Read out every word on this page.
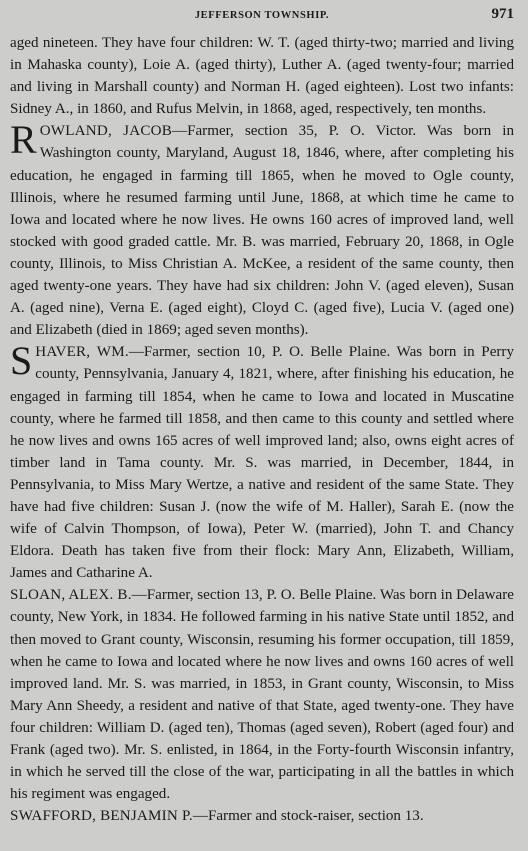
JEFFERSON TOWNSHIP.	971

aged nineteen. They have four children: W. T. (aged thirty-two; married and living in Mahaska county), Loie A. (aged thirty), Luther A. (aged twenty-four; married and living in Marshall county) and Norman H. (aged eighteen). Lost two infants: Sidney A., in 1860, and Rufus Melvin, in 1868, aged, respectively, ten months.

ROWLAND, JACOB—Farmer, section 35, P. O. Victor. Was born in Washington county, Maryland, August 18, 1846, where, after completing his education, he engaged in farming till 1865, when he moved to Ogle county, Illinois, where he resumed farming until June, 1868, at which time he came to Iowa and located where he now lives. He owns 160 acres of improved land, well stocked with good graded cattle. Mr. B. was married, February 20, 1868, in Ogle county, Illinois, to Miss Christian A. McKee, a resident of the same county, then aged twenty-one years. They have had six children: John V. (aged eleven), Susan A. (aged nine), Verna E. (aged eight), Cloyd C. (aged five), Lucia V. (aged one) and Elizabeth (died in 1869; aged seven months).

SHAVER, WM.—Farmer, section 10, P. O. Belle Plaine. Was born in Perry county, Pennsylvania, January 4, 1821, where, after finishing his education, he engaged in farming till 1854, when he came to Iowa and located in Muscatine county, where he farmed till 1858, and then came to this county and settled where he now lives and owns 165 acres of well improved land; also, owns eight acres of timber land in Tama county. Mr. S. was married, in December, 1844, in Pennsylvania, to Miss Mary Wertze, a native and resident of the same State. They have had five children: Susan J. (now the wife of M. Haller), Sarah E. (now the wife of Calvin Thompson, of Iowa), Peter W. (married), John T. and Chancy Eldora. Death has taken five from their flock: Mary Ann, Elizabeth, William, James and Catharine A.

SLOAN, ALEX. B.—Farmer, section 13, P. O. Belle Plaine. Was born in Delaware county, New York, in 1834. He followed farming in his native State until 1852, and then moved to Grant county, Wisconsin, resuming his former occupation, till 1859, when he came to Iowa and located where he now lives and owns 160 acres of well improved land. Mr. S. was married, in 1853, in Grant county, Wisconsin, to Miss Mary Ann Sheedy, a resident and native of that State, aged twenty-one. They have four children: William D. (aged ten), Thomas (aged seven), Robert (aged four) and Frank (aged two). Mr. S. enlisted, in 1864, in the Forty-fourth Wisconsin infantry, in which he served till the close of the war, participating in all the battles in which his regiment was engaged.

SWAFFORD, BENJAMIN P.—Farmer and stock-raiser, section 13.
